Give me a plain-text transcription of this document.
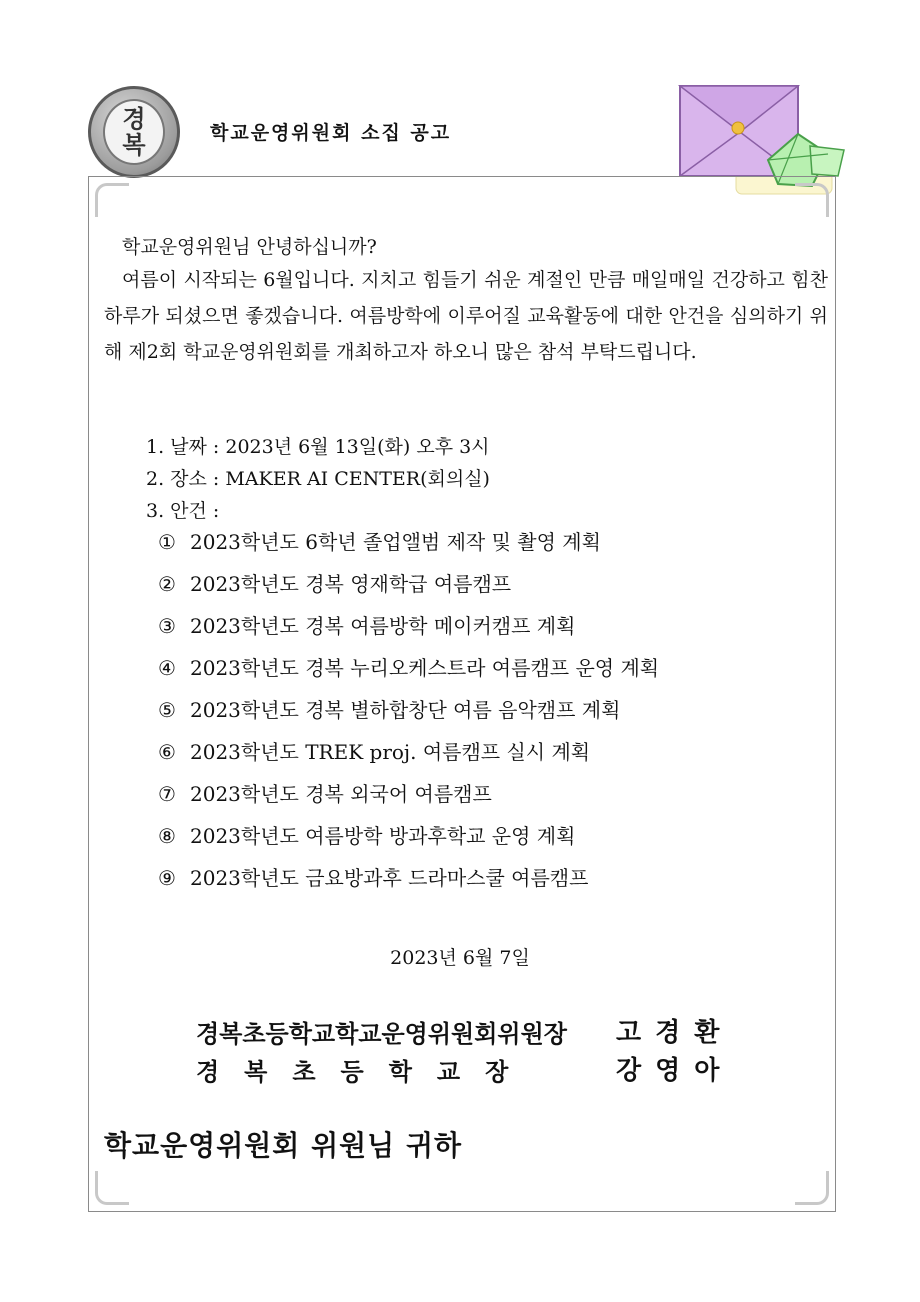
경
복	학교운영위원회 소집 공고
학교운영위원님 안녕하십니까?
여름이 시작되는 6월입니다. 지치고 힘들기 쉬운 계절인 만큼 매일매일 건강하고 힘찬 하루가 되셨으면 좋겠습니다. 여름방학에 이루어질 교육활동에 대한 안건을 심의하기 위해 제2회 학교운영위원회를 개최하고자 하오니 많은 참석 부탁드립니다.
1. 날짜 : 2023년 6월 13일(화) 오후 3시
2. 장소 : MAKER AI CENTER(회의실)
3. 안건 :
① 2023학년도 6학년 졸업앨범 제작 및 촬영 계획
② 2023학년도 경복 영재학급 여름캠프
③ 2023학년도 경복 여름방학 메이커캠프 계획
④ 2023학년도 경복 누리오케스트라 여름캠프 운영 계획
⑤ 2023학년도 경복 별하합창단 여름 음악캠프 계획
⑥ 2023학년도 TREK proj. 여름캠프 실시 계획
⑦ 2023학년도 경복 외국어 여름캠프
⑧ 2023학년도 여름방학 방과후학교 운영 계획
⑨ 2023학년도 금요방과후 드라마스쿨 여름캠프
2023년 6월 7일
경복초등학교학교운영위원회위원장 고경환
경복초등학교장	강영아
학교운영위원회 위원님 귀하
